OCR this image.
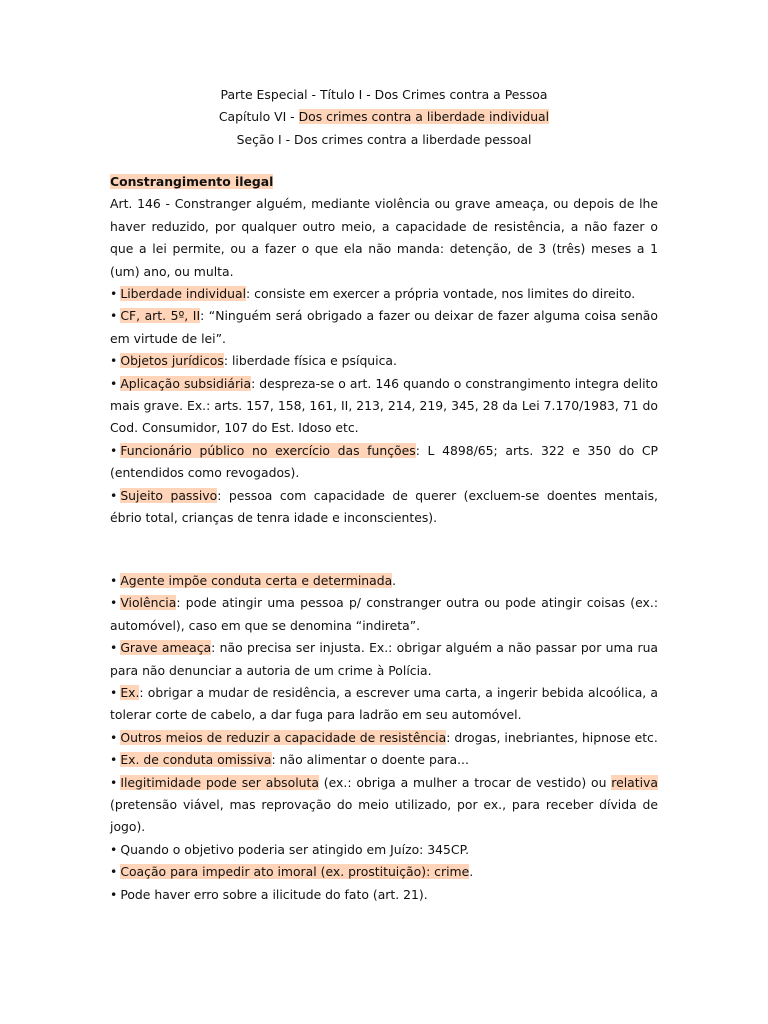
Parte Especial - Título I - Dos Crimes contra a Pessoa
Capítulo VI - Dos crimes contra a liberdade individual
Seção I - Dos crimes contra a liberdade pessoal

Constrangimento ilegal

Art. 146 - Constranger alguém, mediante violência ou grave ameaça, ou depois de lhe haver reduzido, por qualquer outro meio, a capacidade de resistência, a não fazer o que a lei permite, ou a fazer o que ela não manda: detenção, de 3 (três) meses a 1 (um) ano, ou multa.

• Liberdade individual: consiste em exercer a própria vontade, nos limites do direito.

• CF, art. 5º, II: “Ninguém será obrigado a fazer ou deixar de fazer alguma coisa senão em virtude de lei”.

• Objetos jurídicos: liberdade física e psíquica.

• Aplicação subsidiária: despreza-se o art. 146 quando o constrangimento integra delito mais grave. Ex.: arts. 157, 158, 161, II, 213, 214, 219, 345, 28 da Lei 7.170/1983, 71 do Cod. Consumidor, 107 do Est. Idoso etc.

• Funcionário público no exercício das funções: L 4898/65; arts. 322 e 350 do CP (entendidos como revogados).

• Sujeito passivo: pessoa com capacidade de querer (excluem-se doentes mentais, ébrio total, crianças de tenra idade e inconscientes).

• Agente impõe conduta certa e determinada.

• Violência: pode atingir uma pessoa p/ constranger outra ou pode atingir coisas (ex.: automóvel), caso em que se denomina “indireta”.

• Grave ameaça: não precisa ser injusta. Ex.: obrigar alguém a não passar por uma rua para não denunciar a autoria de um crime à Polícia.

• Ex.: obrigar a mudar de residência, a escrever uma carta, a ingerir bebida alcoólica, a tolerar corte de cabelo, a dar fuga para ladrão em seu automóvel.

• Outros meios de reduzir a capacidade de resistência: drogas, inebriantes, hipnose etc.

• Ex. de conduta omissiva: não alimentar o doente para...

• Ilegitimidade pode ser absoluta (ex.: obriga a mulher a trocar de vestido) ou relativa (pretensão viável, mas reprovação do meio utilizado, por ex., para receber dívida de jogo).

• Quando o objetivo poderia ser atingido em Juízo: 345CP.

• Coação para impedir ato imoral (ex. prostituição): crime.

• Pode haver erro sobre a ilicitude do fato (art. 21).
